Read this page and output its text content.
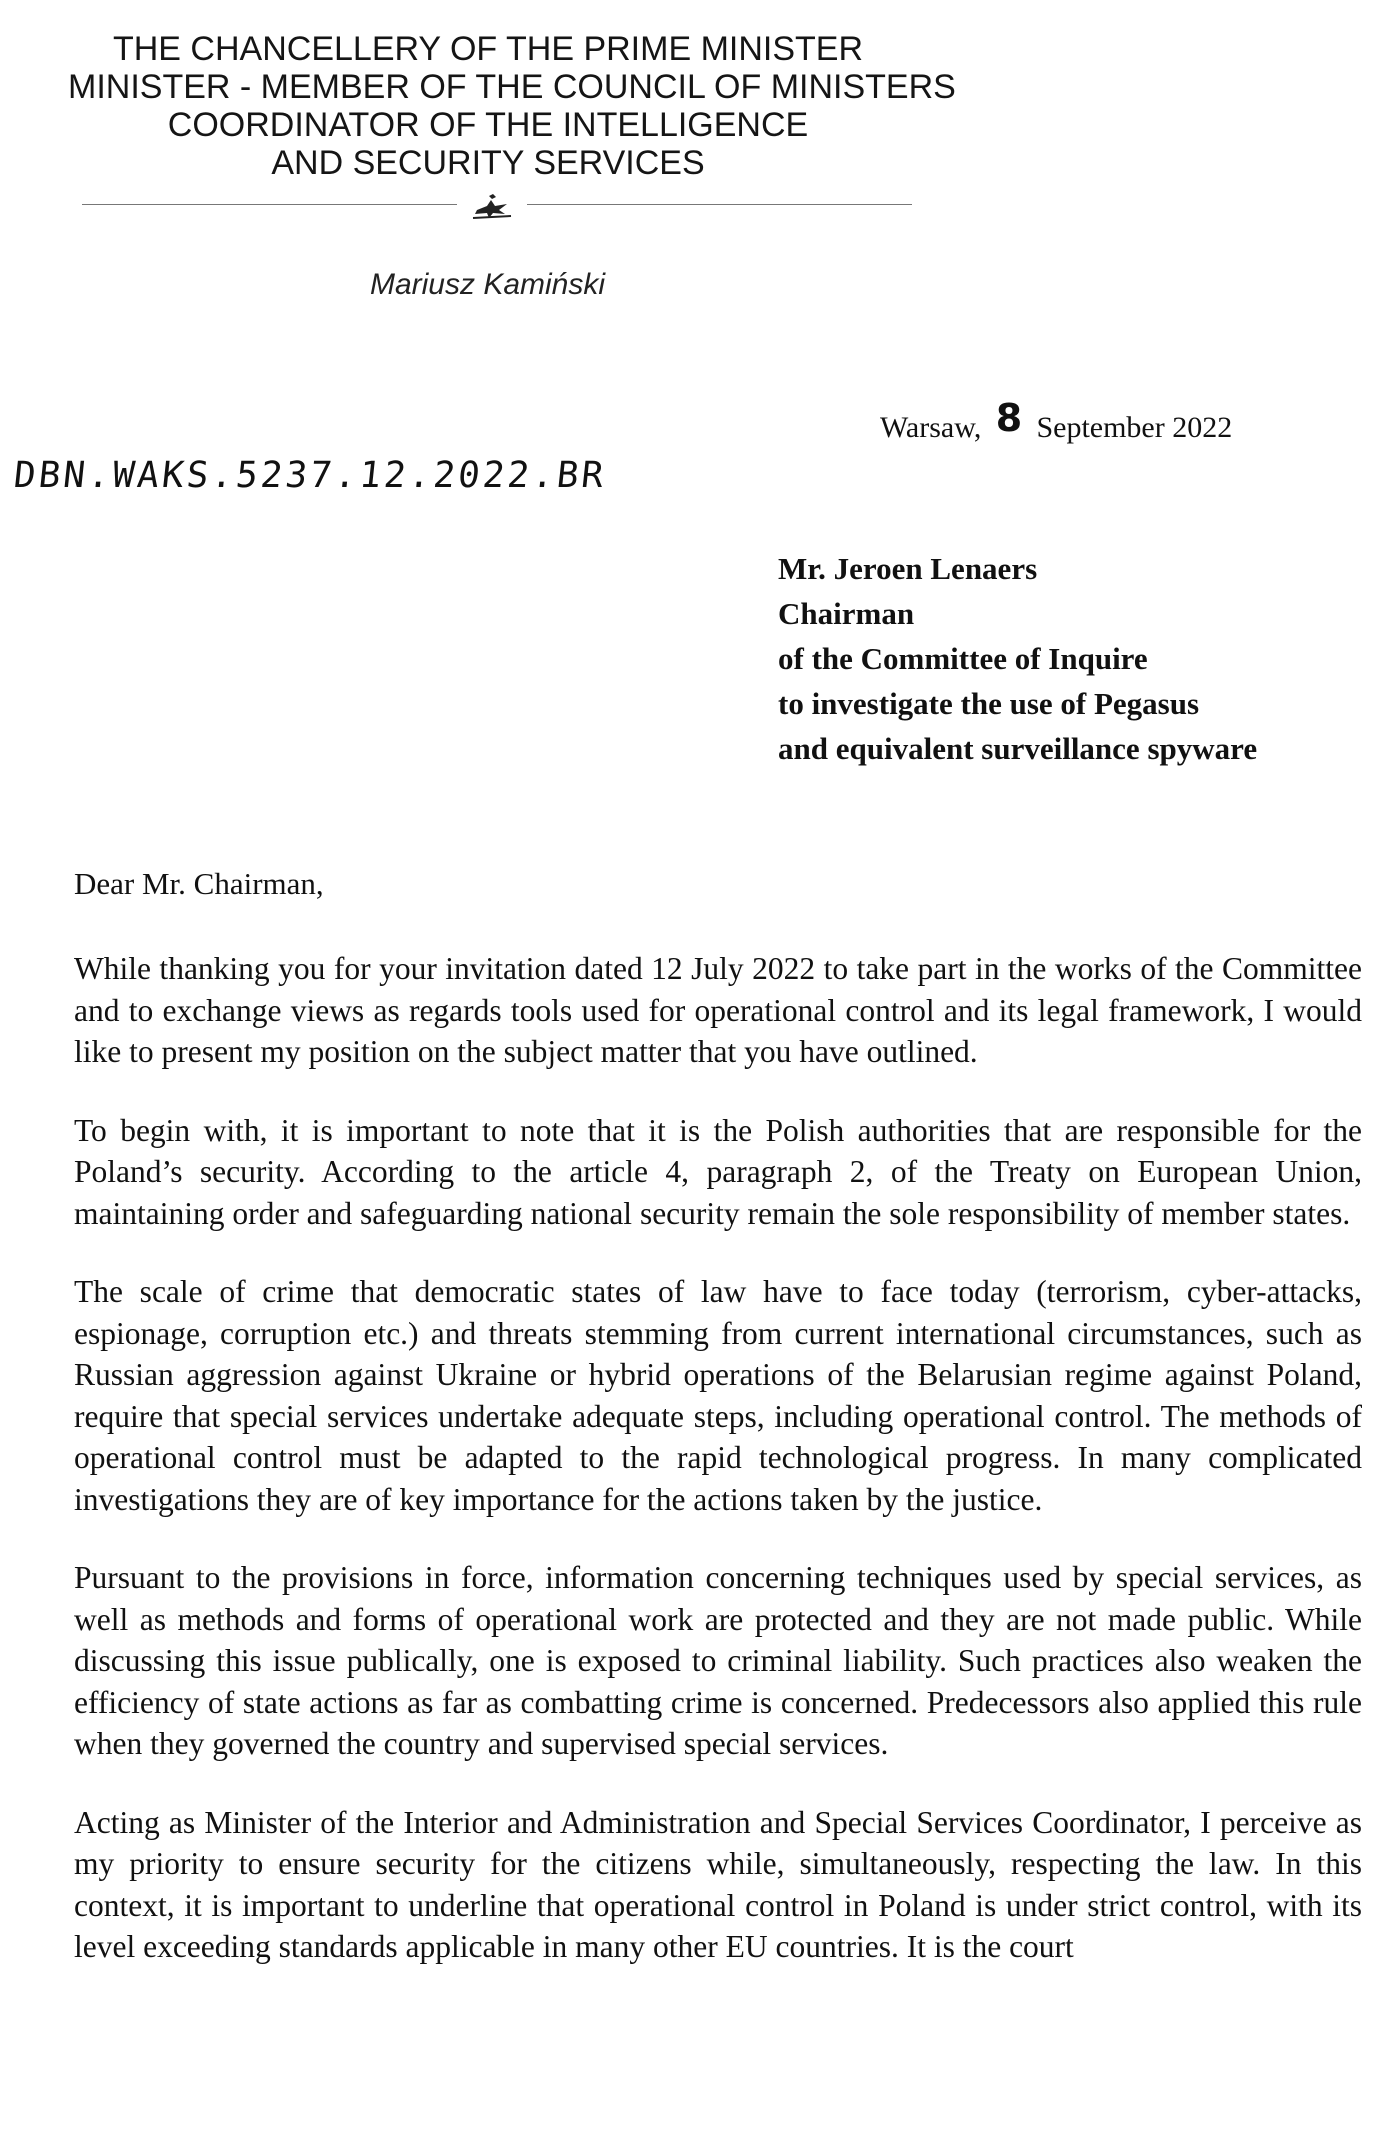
THE CHANCELLERY OF THE PRIME MINISTER
MINISTER - MEMBER OF THE COUNCIL OF MINISTERS
COORDINATOR OF THE INTELLIGENCE
AND SECURITY SERVICES
Mariusz Kamiński
Warsaw, 8 September 2022
DBN.WAKS.5237.12.2022.BR
Mr. Jeroen Lenaers
Chairman
of the Committee of Inquire
to investigate the use of Pegasus
and equivalent surveillance spyware
Dear Mr. Chairman,

While thanking you for your invitation dated 12 July 2022 to take part in the works of the Committee and to exchange views as regards tools used for operational control and its legal framework, I would like to present my position on the subject matter that you have outlined.

To begin with, it is important to note that it is the Polish authorities that are responsible for the Poland’s security. According to the article 4, paragraph 2, of the Treaty on European Union, maintaining order and safeguarding national security remain the sole responsibility of member states.

The scale of crime that democratic states of law have to face today (terrorism, cyber-attacks, espionage, corruption etc.) and threats stemming from current international circumstances, such as Russian aggression against Ukraine or hybrid operations of the Belarusian regime against Poland, require that special services undertake adequate steps, including operational control. The methods of operational control must be adapted to the rapid technological progress. In many complicated investigations they are of key importance for the actions taken by the justice.

Pursuant to the provisions in force, information concerning techniques used by special services, as well as methods and forms of operational work are protected and they are not made public. While discussing this issue publically, one is exposed to criminal liability. Such practices also weaken the efficiency of state actions as far as combatting crime is concerned. Predecessors also applied this rule when they governed the country and supervised special services.

Acting as Minister of the Interior and Administration and Special Services Coordinator, I perceive as my priority to ensure security for the citizens while, simultaneously, respecting the law. In this context, it is important to underline that operational control in Poland is under strict control, with its level exceeding standards applicable in many other EU countries. It is the court
